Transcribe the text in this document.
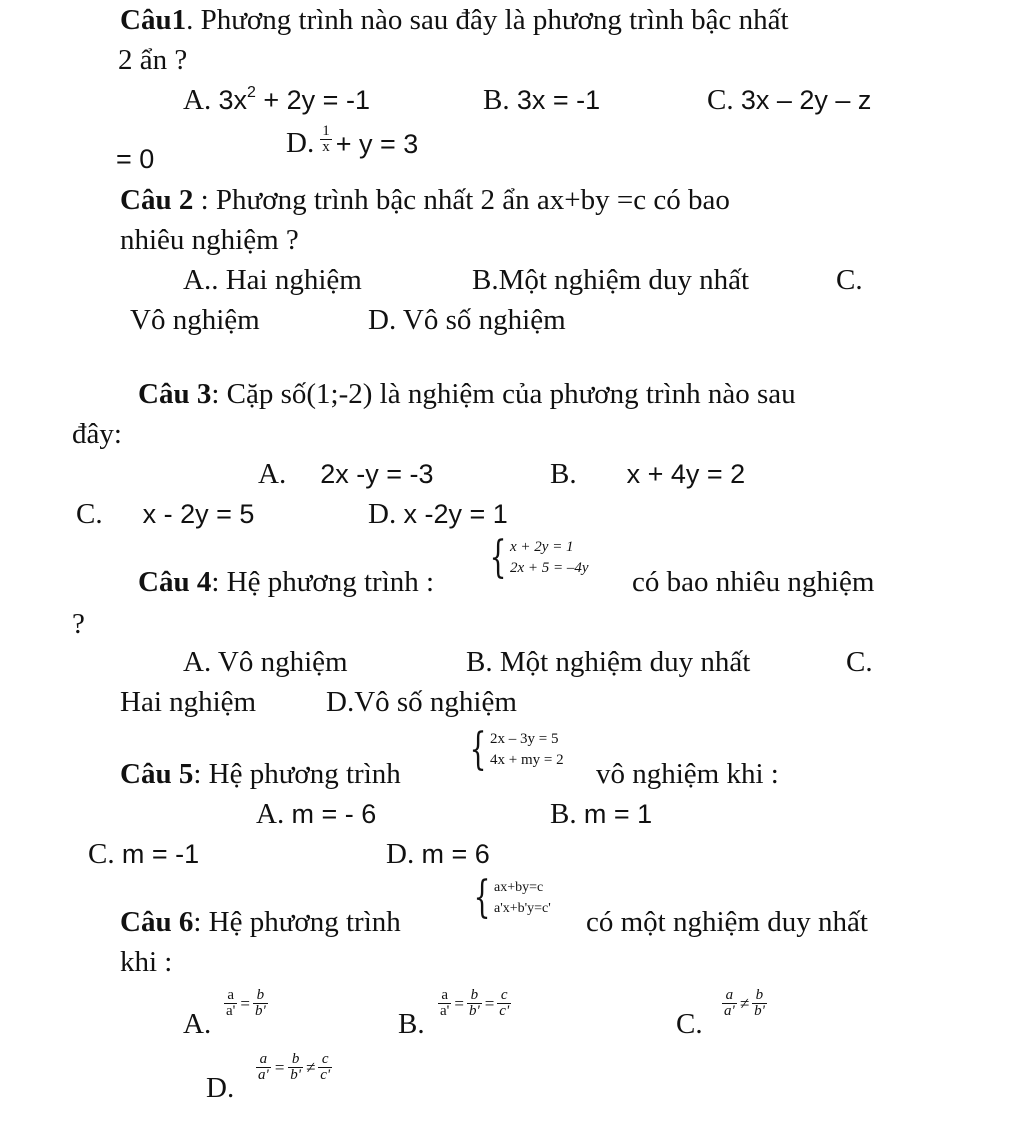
Câu1. Phương trình nào sau đây là phương trình bậc nhất
2 ẩn ?
A. $3x^2 + 2y = -1$	B. 3x = -1	C. 3x – 2y – z
= 0	D. $\frac{1}{x} + y = 3$
Câu 2 : Phương trình bậc nhất 2 ẩn ax+by =c có bao
nhiêu nghiệm ?
A.. Hai nghiệm	B.Một nghiệm duy nhất	C.
Vô nghiệm	D. Vô số nghiệm
Câu 3: Cặp số(1;-2) là nghiệm của phương trình nào sau
đây:
A. 2x -y = -3	B. x + 4y = 2
C. x - 2y = 5	D. x -2y = 1
Câu 4: Hệ phương trình : { x + 2y = 1
2x + 5 = –4y có bao nhiêu nghiệm
?
A. Vô nghiệm	B. Một nghiệm duy nhất	C.
Hai nghiệm D.Vô số nghiệm
Câu 5: Hệ phương trình { 2x – 3y = 5
4x + my = 2 vô nghiệm khi :
A. m = - 6	B. m = 1
C. m = -1	D. m = 6
Câu 6: Hệ phương trình { ax+by=c
a'x+b'y=c' có một nghiệm duy nhất
khi :
A.
$\frac{a}{a'} = \frac{b}{b'}$
B.
$\frac{a}{a'} = \frac{b}{b'} = \frac{c}{c'}$
C.
$\frac{a}{a'} \ne \frac{b}{b'}$
D.
$\frac{a}{a'} = \frac{b}{b'} \ne \frac{c}{c'}$
